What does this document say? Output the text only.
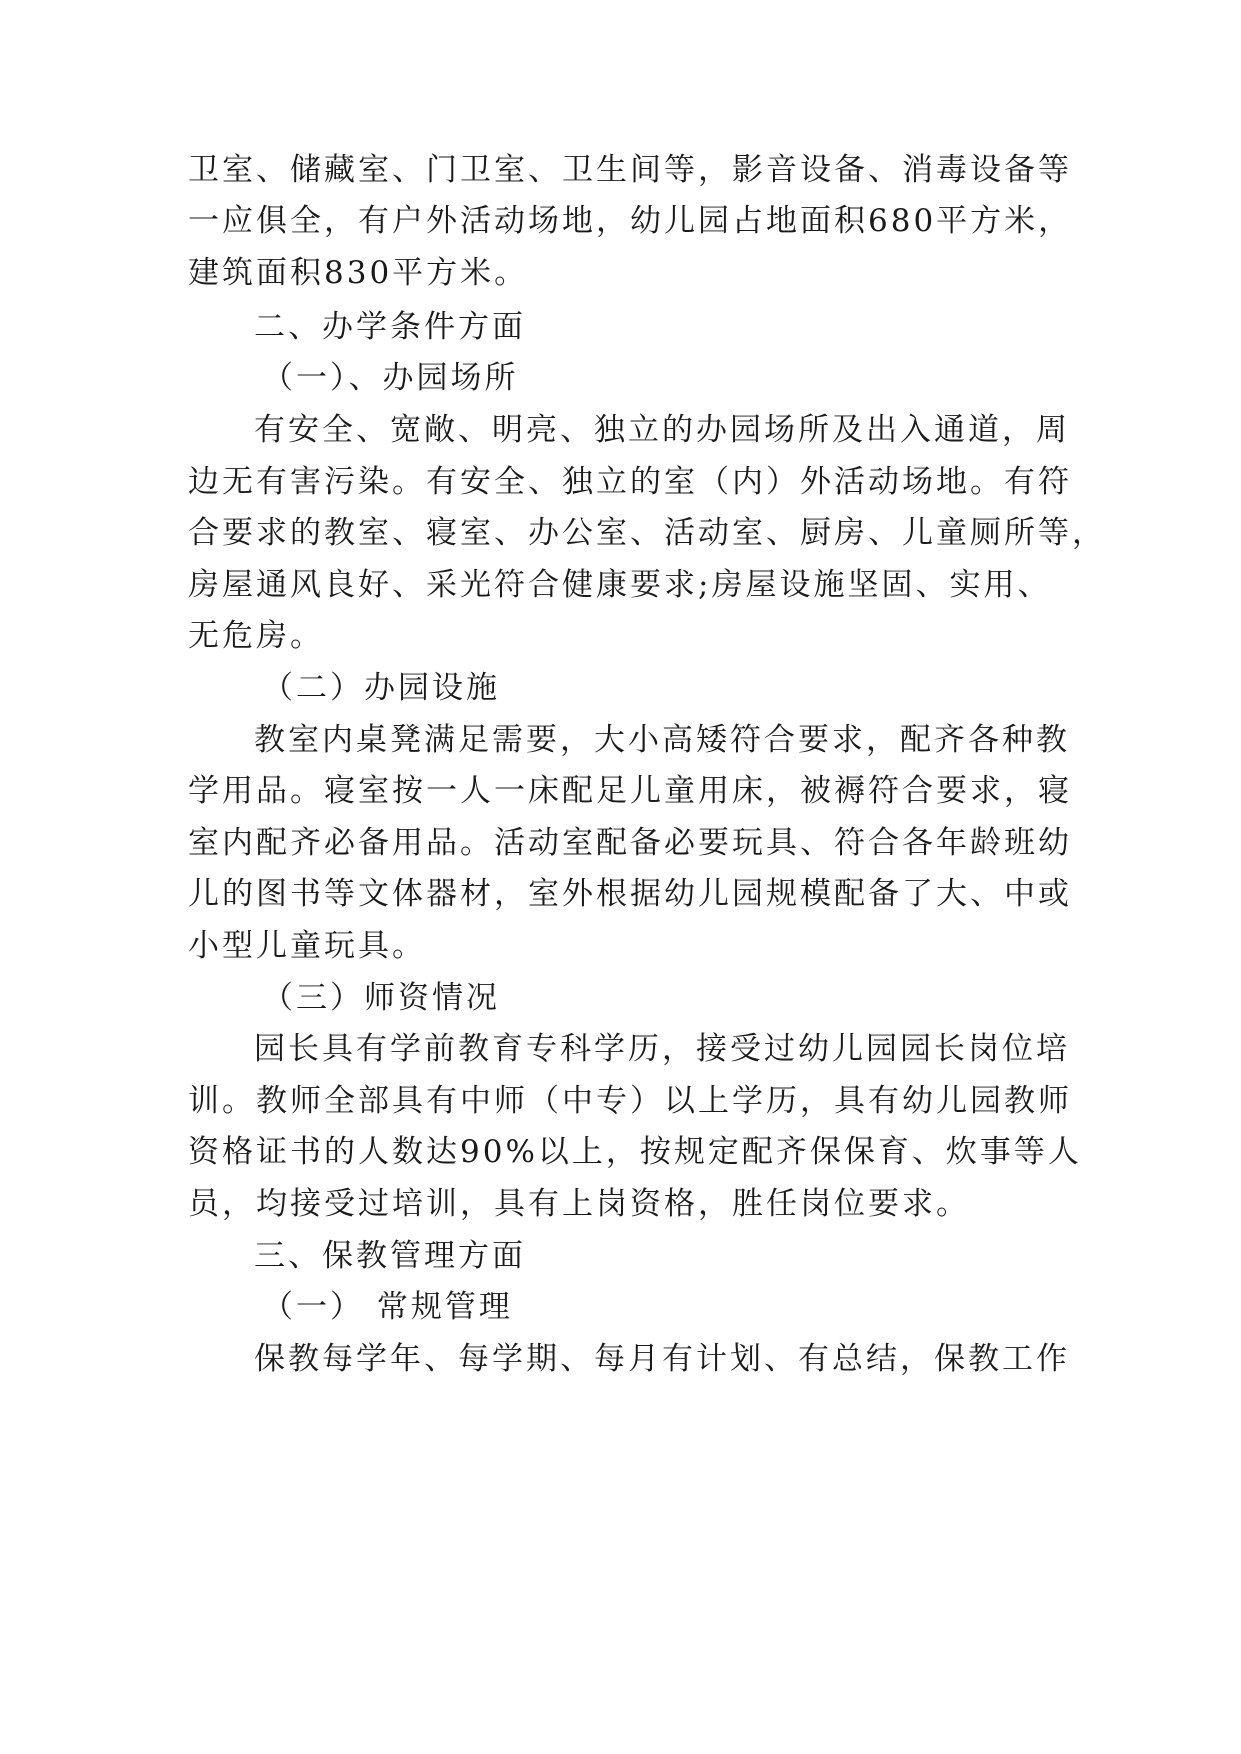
卫室、储藏室、门卫室、卫生间等，影音设备、消毒设备等
一应俱全，有户外活动场地，幼儿园占地面积680平方米，
建筑面积830平方米。
二、办学条件方面
（一）、办园场所
有安全、宽敞、明亮、独立的办园场所及出入通道，周
边无有害污染。有安全、独立的室（内）外活动场地。有符
合要求的教室、寝室、办公室、活动室、厨房、儿童厕所等，
房屋通风良好、采光符合健康要求;房屋设施坚固、实用、
无危房。
（二）办园设施
教室内桌凳满足需要，大小高矮符合要求，配齐各种教
学用品。寝室按一人一床配足儿童用床，被褥符合要求，寝
室内配齐必备用品。活动室配备必要玩具、符合各年龄班幼
儿的图书等文体器材，室外根据幼儿园规模配备了大、中或
小型儿童玩具。
（三）师资情况
园长具有学前教育专科学历，接受过幼儿园园长岗位培
训。教师全部具有中师（中专）以上学历，具有幼儿园教师
资格证书的人数达90%以上，按规定配齐保保育、炊事等人
员，均接受过培训，具有上岗资格，胜任岗位要求。
三、保教管理方面
（一） 常规管理
保教每学年、每学期、每月有计划、有总结，保教工作
